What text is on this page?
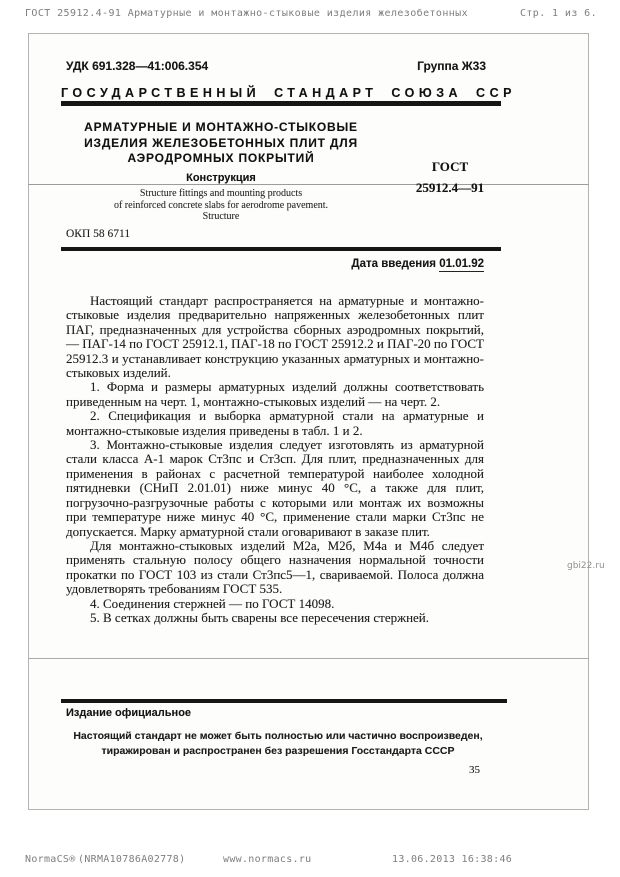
ГОСТ 25912.4-91 Арматурные и монтажно-стыковые изделия железобетонных	Стр. 1 из 6.
УДК 691.328—41:006.354	Группа Ж33
ГОСУДАРСТВЕННЫЙ СТАНДАРТ СОЮЗА ССР
АРМАТУРНЫЕ И МОНТАЖНО-СТЫКОВЫЕ
ИЗДЕЛИЯ ЖЕЛЕЗОБЕТОННЫХ ПЛИТ ДЛЯ
АЭРОДРОМНЫХ ПОКРЫТИЙ
Конструкция
ГОСТ
25912.4—91
Structure fittings and mounting products
of reinforced concrete slabs for aerodrome pavement.
Structure
ОКП 58 6711
Дата введения 01.01.92

Настоящий стандарт распространяется на арматурные и монтажно-стыковые изделия предварительно напряженных железобетонных плит ПАГ, предназначенных для устройства сборных аэродромных покрытий, — ПАГ-14 по ГОСТ 25912.1, ПАГ-18 по ГОСТ 25912.2 и ПАГ-20 по ГОСТ 25912.3 и устанавливает конструкцию указанных арматурных и монтажно-стыковых изделий.

1. Форма и размеры арматурных изделий должны соответствовать приведенным на черт. 1, монтажно-стыковых изделий — на черт. 2.

2. Спецификация и выборка арматурной стали на арматурные и монтажно-стыковые изделия приведены в табл. 1 и 2.

3. Монтажно-стыковые изделия следует изготовлять из арматурной стали класса А-1 марок Ст3пс и Ст3сп. Для плит, предназначенных для применения в районах с расчетной температурой наиболее холодной пятидневки (СНиП 2.01.01) ниже минус 40 °С, а также для плит, погрузочно-разгрузочные работы с которыми или монтаж их возможны при температуре ниже минус 40 °С, применение стали марки Ст3пс не допускается. Марку арматурной стали оговаривают в заказе плит.

Для монтажно-стыковых изделий М2а, М2б, М4а и М4б следует применять стальную полосу общего назначения нормальной точности прокатки по ГОСТ 103 из стали Ст3пс5—1, свариваемой. Полоса должна удовлетворять требованиям ГОСТ 535.

4. Соединения стержней — по ГОСТ 14098.

5. В сетках должны быть сварены все пересечения стержней.

Издание официальное
Настоящий стандарт не может быть полностью или частично воспроизведен,
тиражирован и распространен без разрешения Госстандарта СССР
35
gbi22.ru
NormaCS® (NRMA10786A02778)	www.normacs.ru	13.06.2013 16:38:46
